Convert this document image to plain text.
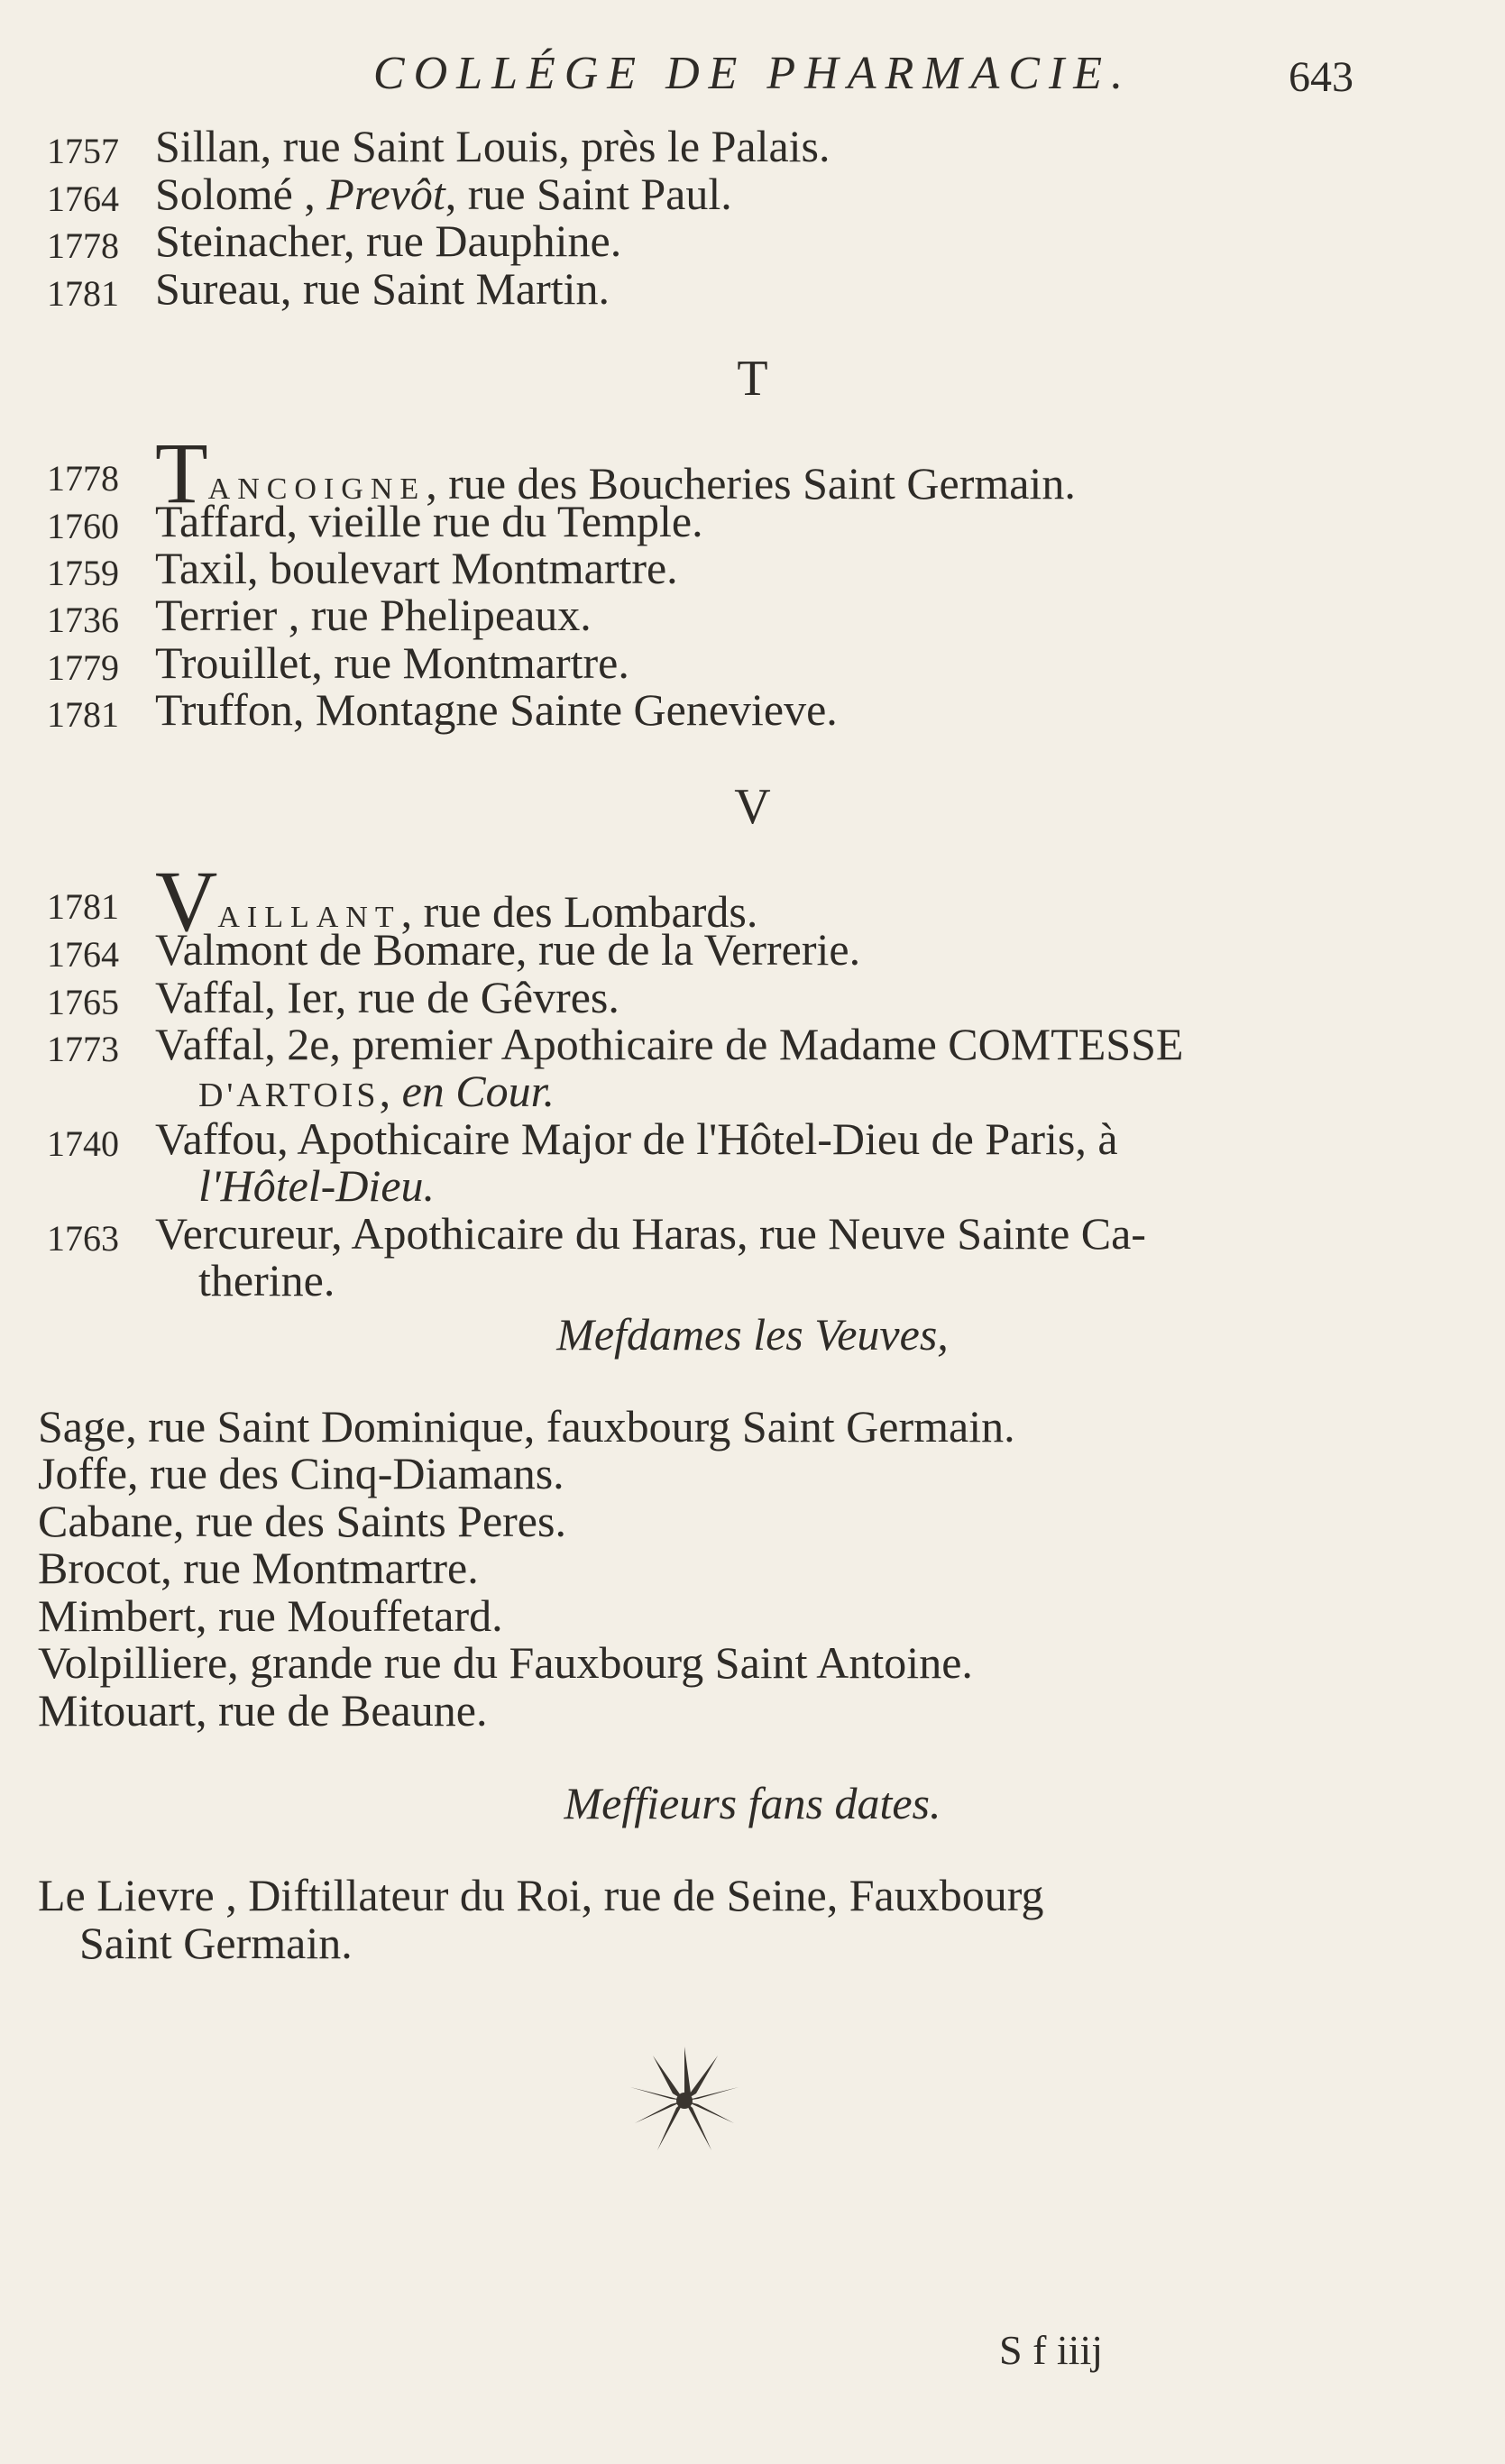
COLLÉGE DE PHARMACIE.	643
1757 Sillan, rue Saint Louis, près le Palais.
1764 Solomé , Prevôt, rue Saint Paul.
1778 Steinacher, rue Dauphine.
1781 Sureau, rue Saint Martin.
T
1778 TANCOIGNE, rue des Boucheries Saint Germain.
1760 Taffard, vieille rue du Temple.
1759 Taxil, boulevart Montmartre.
1736 Terrier , rue Phelipeaux.
1779 Trouillet, rue Montmartre.
1781 Truffon, Montagne Sainte Genevieve.
V
1781 VAILLANT, rue des Lombards.
1764 Valmont de Bomare, rue de la Verrerie.
1765 Vaffal, Ier, rue de Gêvres.
1773 Vaffal, 2e, premier Apothicaire de Madame COMTESSE
D'ARTOIS, en Cour.
1740 Vaffou, Apothicaire Major de l'Hôtel-Dieu de Paris, à
l'Hôtel-Dieu.
1763 Vercureur, Apothicaire du Haras, rue Neuve Sainte Ca-
therine.
Mefdames les Veuves,
Sage, rue Saint Dominique, fauxbourg Saint Germain.
Joffe, rue des Cinq-Diamans.
Cabane, rue des Saints Peres.
Brocot, rue Montmartre.
Mimbert, rue Mouffetard.
Volpilliere, grande rue du Fauxbourg Saint Antoine.
Mitouart, rue de Beaune.
Meffieurs fans dates.
Le Lievre , Diftillateur du Roi, rue de Seine, Fauxbourg
Saint Germain.
S f iiij
